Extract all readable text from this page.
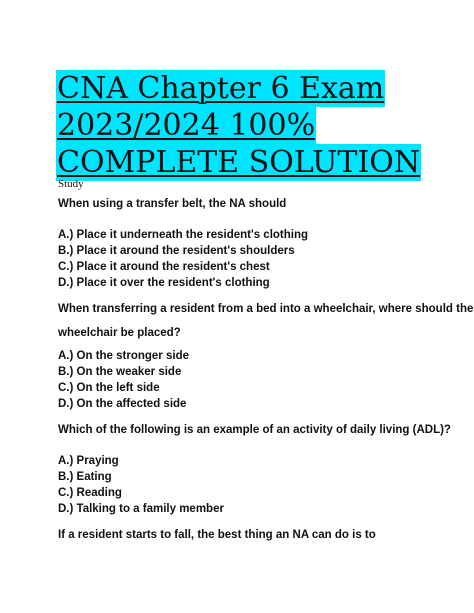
CNA Chapter 6 Exam
2023/2024 100%
COMPLETE SOLUTION
Study
When using a transfer belt, the NA should
A.) Place it underneath the resident's clothing
B.) Place it around the resident's shoulders
C.) Place it around the resident's chest
D.) Place it over the resident's clothing
When transferring a resident from a bed into a wheelchair, where should the
wheelchair be placed?
A.) On the stronger side
B.) On the weaker side
C.) On the left side
D.) On the affected side
Which of the following is an example of an activity of daily living (ADL)?
A.) Praying
B.) Eating
C.) Reading
D.) Talking to a family member
If a resident starts to fall, the best thing an NA can do is to
